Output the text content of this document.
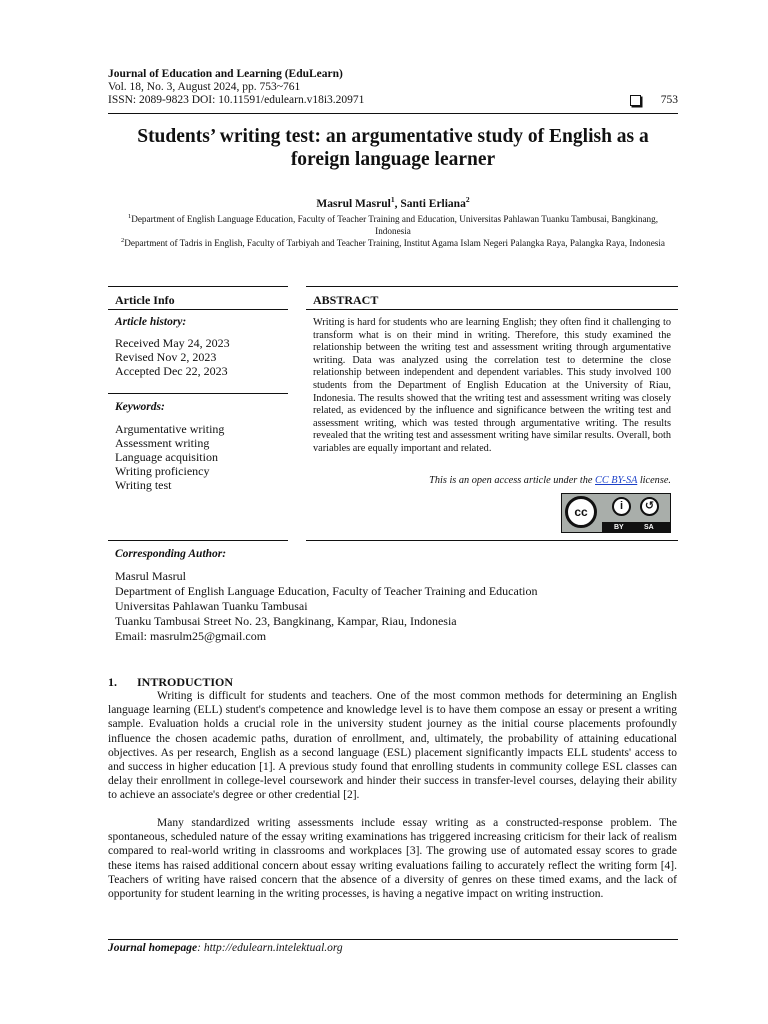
Journal of Education and Learning (EduLearn)
Vol. 18, No. 3, August 2024, pp. 753~761
ISSN: 2089-9823 DOI: 10.11591/edulearn.v18i3.20971	753
Students’ writing test: an argumentative study of English as a foreign language learner
Masrul Masrul$^1$, Santi Erliana$^2$
$^1$Department of English Language Education, Faculty of Teacher Training and Education, Universitas Pahlawan Tuanku Tambusai, Bangkinang, Indonesia
$^2$Department of Tadris in English, Faculty of Tarbiyah and Teacher Training, Institut Agama Islam Negeri Palangka Raya, Palangka Raya, Indonesia
Article Info	ABSTRACT
Article history:
Received May 24, 2023
Revised Nov 2, 2023
Accepted Dec 22, 2023
Keywords:
Argumentative writing
Assessment writing
Language acquisition
Writing proficiency
Writing test
Writing is hard for students who are learning English; they often find it challenging to transform what is on their mind in writing. Therefore, this study examined the relationship between the writing test and assessment writing through argumentative writing. Data was analyzed using the correlation test to determine the close relationship between independent and dependent variables. This study involved 100 students from the Department of English Education at the University of Riau, Indonesia. The results showed that the writing test and assessment writing was closely related, as evidenced by the influence and significance between the writing test and assessment writing, which was tested through argumentative writing. The results revealed that the writing test and assessment writing have similar results. Overall, both variables are equally important and related.
This is an open access article under the CC BY-SA license.
cc	i	↺
BY	SA
Corresponding Author:
Masrul Masrul
Department of English Language Education, Faculty of Teacher Training and Education
Universitas Pahlawan Tuanku Tambusai
Tuanku Tambusai Street No. 23, Bangkinang, Kampar, Riau, Indonesia
Email: masrulm25@gmail.com
1. INTRODUCTION
Writing is difficult for students and teachers. One of the most common methods for determining an English language learning (ELL) student's competence and knowledge level is to have them compose an essay or present a writing sample. Evaluation holds a crucial role in the university student journey as the initial course placements profoundly influence the chosen academic paths, duration of enrollment, and, ultimately, the probability of attaining educational objectives. As per research, English as a second language (ESL) placement significantly impacts ELL students' access to and success in higher education [1]. A previous study found that enrolling students in community college ESL classes can delay their enrollment in college-level coursework and hinder their success in transfer-level courses, delaying their ability to achieve an associate's degree or other credential [2].
Many standardized writing assessments include essay writing as a constructed-response problem. The spontaneous, scheduled nature of the essay writing examinations has triggered increasing criticism for their lack of realism compared to real-world writing in classrooms and workplaces [3]. The growing use of automated essay scores to grade these items has raised additional concern about essay writing evaluations failing to accurately reflect the writing form [4]. Teachers of writing have raised concern that the absence of a diversity of genres on these timed exams, and the lack of opportunity for student learning in the writing processes, is having a negative impact on writing instruction.
Journal homepage: http://edulearn.intelektual.org
